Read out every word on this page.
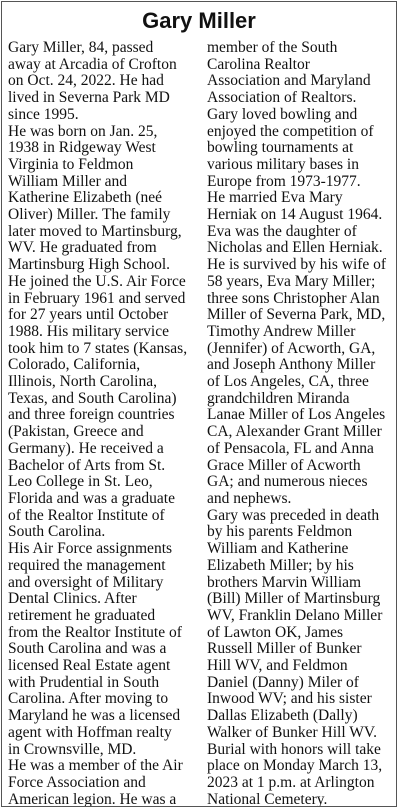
Gary Miller
Gary Miller, 84, passed
away at Arcadia of Crofton
on Oct. 24, 2022. He had
lived in Severna Park MD
since 1995.
He was born on Jan. 25,
1938 in Ridgeway West
Virginia to Feldmon
William Miller and
Katherine Elizabeth (neé
Oliver) Miller. The family
later moved to Martinsburg,
WV. He graduated from
Martinsburg High School.
He joined the U.S. Air Force
in February 1961 and served
for 27 years until October
1988. His military service
took him to 7 states (Kansas,
Colorado, California,
Illinois, North Carolina,
Texas, and South Carolina)
and three foreign countries
(Pakistan, Greece and
Germany). He received a
Bachelor of Arts from St.
Leo College in St. Leo,
Florida and was a graduate
of the Realtor Institute of
South Carolina.
His Air Force assignments
required the management
and oversight of Military
Dental Clinics. After
retirement he graduated
from the Realtor Institute of
South Carolina and was a
licensed Real Estate agent
with Prudential in South
Carolina. After moving to
Maryland he was a licensed
agent with Hoffman realty
in Crownsville, MD.
He was a member of the Air
Force Association and
American legion. He was a
member of the South
Carolina Realtor
Association and Maryland
Association of Realtors.
Gary loved bowling and
enjoyed the competition of
bowling tournaments at
various military bases in
Europe from 1973-1977.
He married Eva Mary
Herniak on 14 August 1964.
Eva was the daughter of
Nicholas and Ellen Herniak.
He is survived by his wife of
58 years, Eva Mary Miller;
three sons Christopher Alan
Miller of Severna Park, MD,
Timothy Andrew Miller
(Jennifer) of Acworth, GA,
and Joseph Anthony Miller
of Los Angeles, CA, three
grandchildren Miranda
Lanae Miller of Los Angeles
CA, Alexander Grant Miller
of Pensacola, FL and Anna
Grace Miller of Acworth
GA; and numerous nieces
and nephews.
Gary was preceded in death
by his parents Feldmon
William and Katherine
Elizabeth Miller; by his
brothers Marvin William
(Bill) Miller of Martinsburg
WV, Franklin Delano Miller
of Lawton OK, James
Russell Miller of Bunker
Hill WV, and Feldmon
Daniel (Danny) Miler of
Inwood WV; and his sister
Dallas Elizabeth (Dally)
Walker of Bunker Hill WV.
Burial with honors will take
place on Monday March 13,
2023 at 1 p.m. at Arlington
National Cemetery.
